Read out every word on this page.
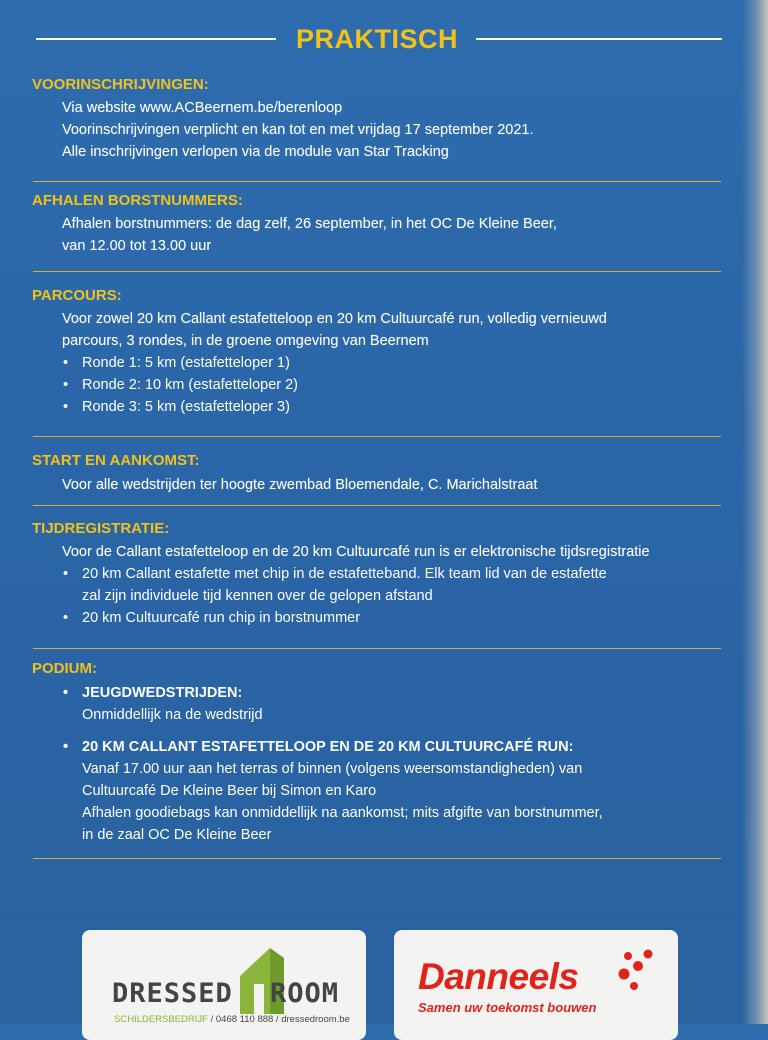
PRAKTISCH

VOORINSCHRIJVINGEN:

Via website www.ACBeernem.be/berenloop
Voorinschrijvingen verplicht en kan tot en met vrijdag 17 september 2021.
Alle inschrijvingen verlopen via de module van Star Tracking

AFHALEN BORSTNUMMERS:

Afhalen borstnummers: de dag zelf, 26 september, in het OC De Kleine Beer,
van 12.00 tot 13.00 uur

PARCOURS:

Voor zowel 20 km Callant estafetteloop en 20 km Cultuurcafé run, volledig vernieuwd
parcours, 3 rondes, in de groene omgeving van Beernem
• Ronde 1: 5 km (estafetteloper 1)
• Ronde 2: 10 km (estafetteloper 2)
• Ronde 3: 5 km (estafetteloper 3)

START EN AANKOMST:

Voor alle wedstrijden ter hoogte zwembad Bloemendale, C. Marichalstraat

TIJDREGISTRATIE:

Voor de Callant estafetteloop en de 20 km Cultuurcafé run is er elektronische tijdsregistratie
• 20 km Callant estafette met chip in de estafetteband. Elk team lid van de estafette
zal zijn individuele tijd kennen over de gelopen afstand
• 20 km Cultuurcafé run chip in borstnummer

PODIUM:

• JEUGDWEDSTRIJDEN:
Onmiddellijk na de wedstrijd
• 20 KM CALLANT ESTAFETTELOOP EN DE 20 KM CULTUURCAFÉ RUN:
Vanaf 17.00 uur aan het terras of binnen (volgens weersomstandigheden) van
Cultuurcafé De Kleine Beer bij Simon en Karo
Afhalen goodiebags kan onmiddellijk na aankomst; mits afgifte van borstnummer,
in de zaal OC De Kleine Beer
DRESSED ROOM
SCHILDERSBEDRIJF / 0468 110 888 / dressedroom.be
Danneels
Samen uw toekomst bouwen
